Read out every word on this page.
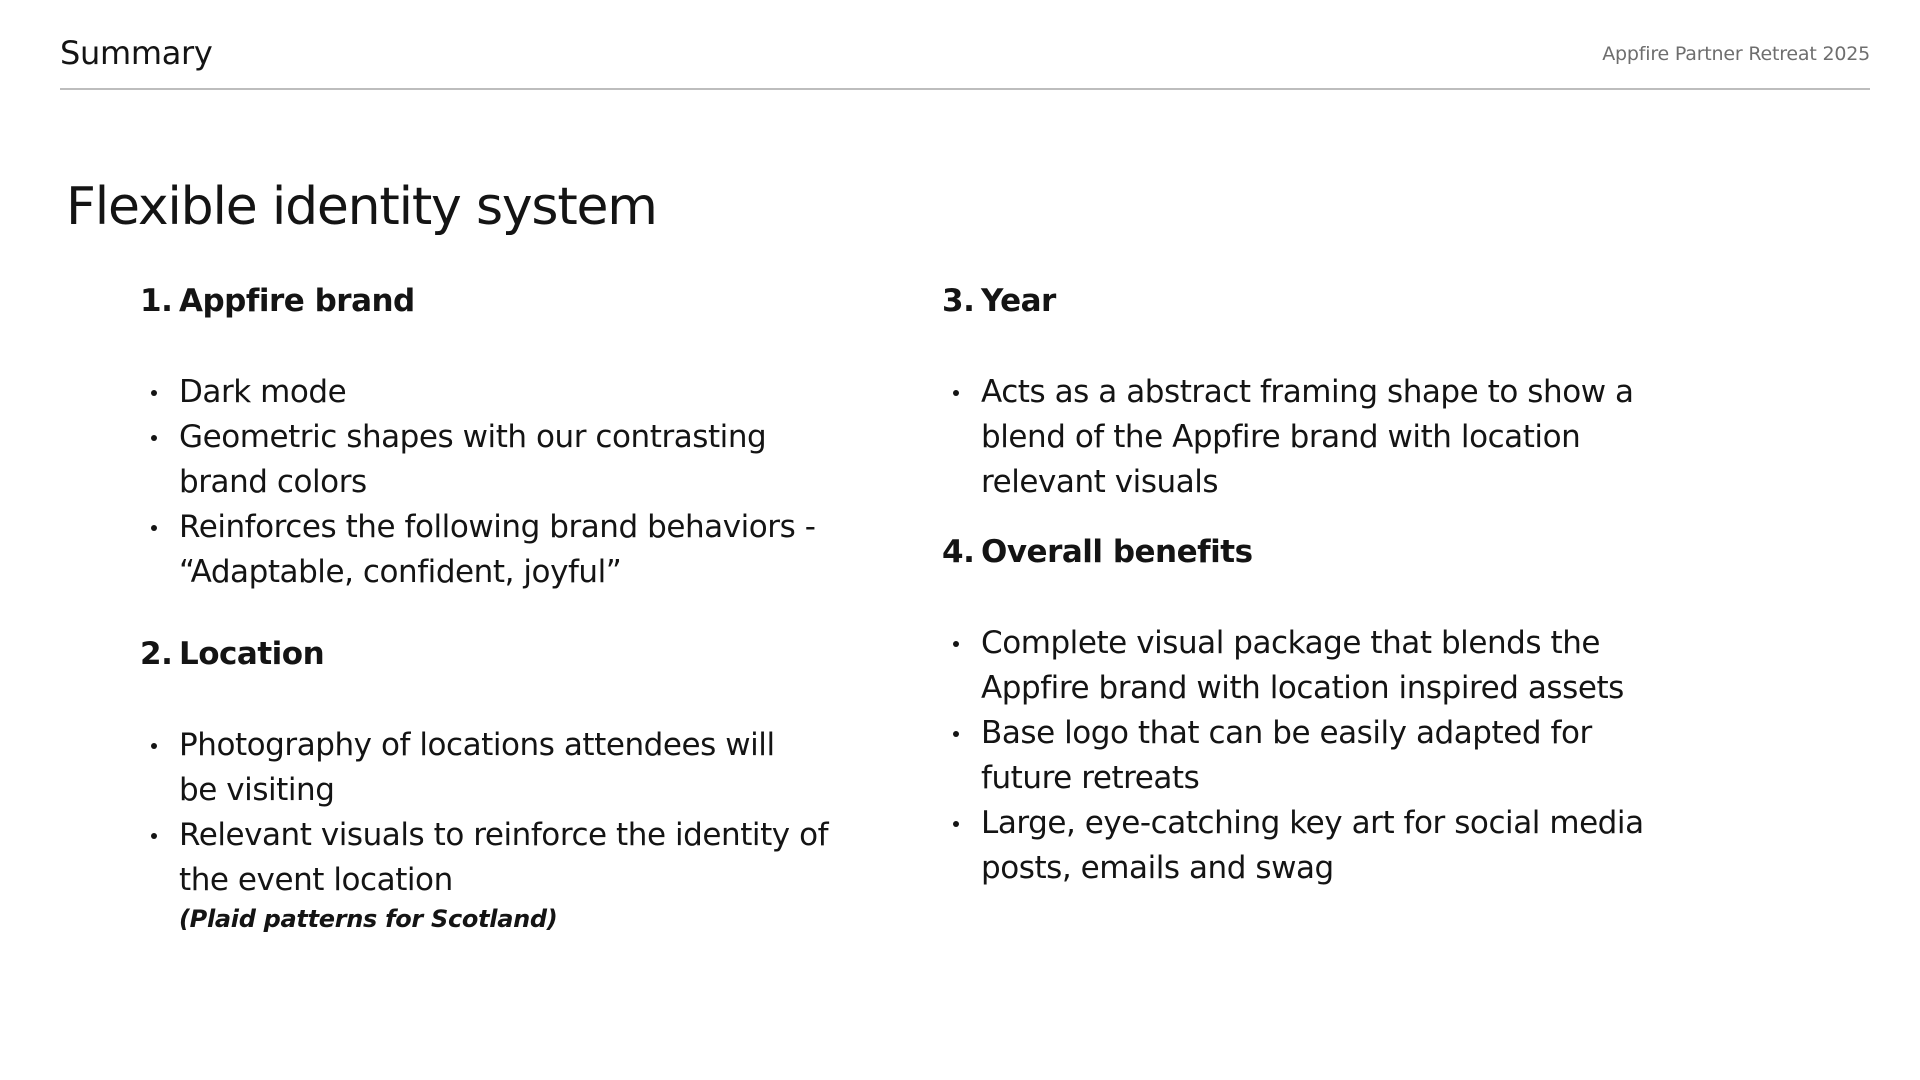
Summary	Appfire Partner Retreat 2025
Flexible identity system
1. Appfire brand
Dark mode
Geometric shapes with our contrasting brand colors
Reinforces the following brand behaviors - “Adaptable, confident, joyful”
2. Location
Photography of locations attendees will be visiting
Relevant visuals to reinforce the identity of the event location
(Plaid patterns for Scotland)
3. Year
Acts as a abstract framing shape to show a blend of the Appfire brand with location relevant visuals
4. Overall benefits
Complete visual package that blends the Appfire brand with location inspired assets
Base logo that can be easily adapted for future retreats
Large, eye-catching key art for social media posts, emails and swag
